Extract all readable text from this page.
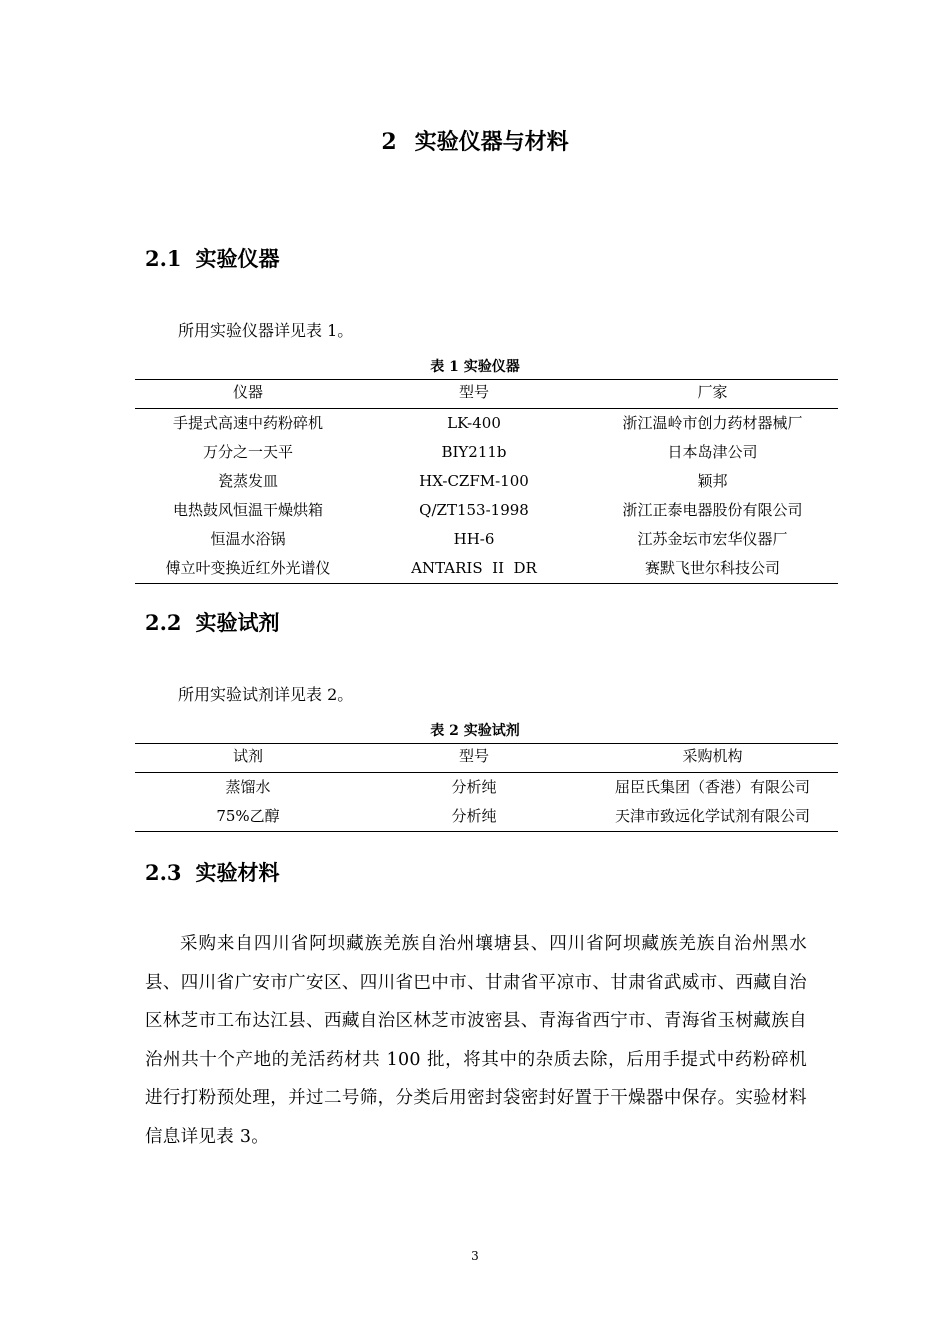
2 实验仪器与材料
2.1 实验仪器
所用实验仪器详见表 1。
表 1 实验仪器
仪器	型号	厂家
手提式高速中药粉碎机	LK-400	浙江温岭市创力药材器械厂
万分之一天平	BIY211b	日本岛津公司
瓷蒸发皿	HX-CZFM-100	颖邦
电热鼓风恒温干燥烘箱	Q/ZT153-1998	浙江正泰电器股份有限公司
恒温水浴锅	HH-6	江苏金坛市宏华仪器厂
傅立叶变换近红外光谱仪	ANTARIS  II  DR	赛默飞世尔科技公司
2.2 实验试剂
所用实验试剂详见表 2。
表 2 实验试剂
试剂	型号	采购机构
蒸馏水	分析纯	屈臣氏集团（香港）有限公司
75%乙醇	分析纯	天津市致远化学试剂有限公司
2.3 实验材料
采购来自四川省阿坝藏族羌族自治州壤塘县、四川省阿坝藏族羌族自治州黑水县、四川省广安市广安区、四川省巴中市、甘肃省平凉市、甘肃省武威市、西藏自治区林芝市工布达江县、西藏自治区林芝市波密县、青海省西宁市、青海省玉树藏族自治州共十个产地的羌活药材共 100 批，将其中的杂质去除，后用手提式中药粉碎机进行打粉预处理，并过二号筛，分类后用密封袋密封好置于干燥器中保存。实验材料信息详见表 3。
3
